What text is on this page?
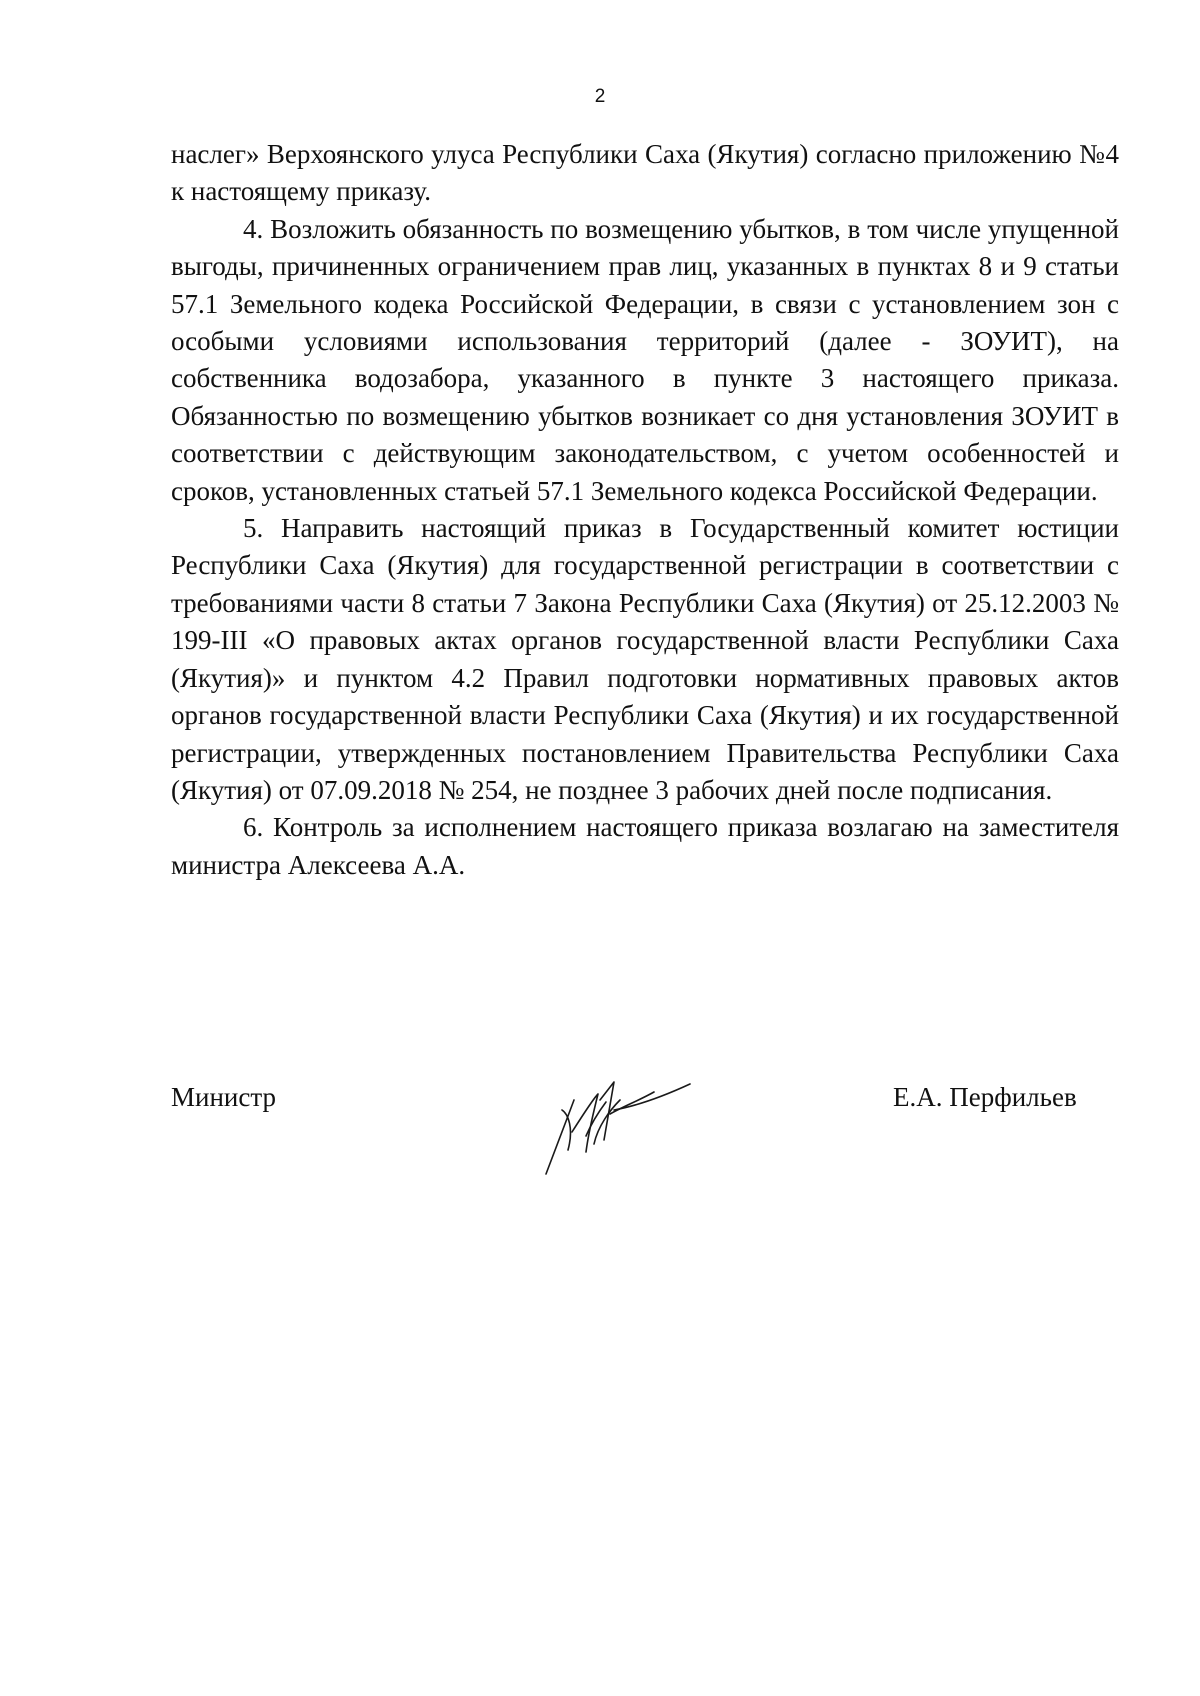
2

наслег» Верхоянского улуса Республики Саха (Якутия) согласно приложению №4 к настоящему приказу.

4. Возложить обязанность по возмещению убытков, в том числе упущенной выгоды, причиненных ограничением прав лиц, указанных в пунктах 8 и 9 статьи 57.1 Земельного кодека Российской Федерации, в связи с установлением зон с особыми условиями использования территорий (далее - ЗОУИТ), на собственника водозабора, указанного в пункте 3 настоящего приказа. Обязанностью по возмещению убытков возникает со дня установления ЗОУИТ в соответствии с действующим законодательством, с учетом особенностей и сроков, установленных статьей 57.1 Земельного кодекса Российской Федерации.

5. Направить настоящий приказ в Государственный комитет юстиции Республики Саха (Якутия) для государственной регистрации в соответствии с требованиями части 8 статьи 7 Закона Республики Саха (Якутия) от 25.12.2003 № 199-III «О правовых актах органов государственной власти Республики Саха (Якутия)» и пунктом 4.2 Правил подготовки нормативных правовых актов органов государственной власти Республики Саха (Якутия) и их государственной регистрации, утвержденных постановлением Правительства Республики Саха (Якутия) от 07.09.2018 № 254, не позднее 3 рабочих дней после подписания.

6. Контроль за исполнением настоящего приказа возлагаю на заместителя министра Алексеева А.А.

Министр	Е.А. Перфильев
